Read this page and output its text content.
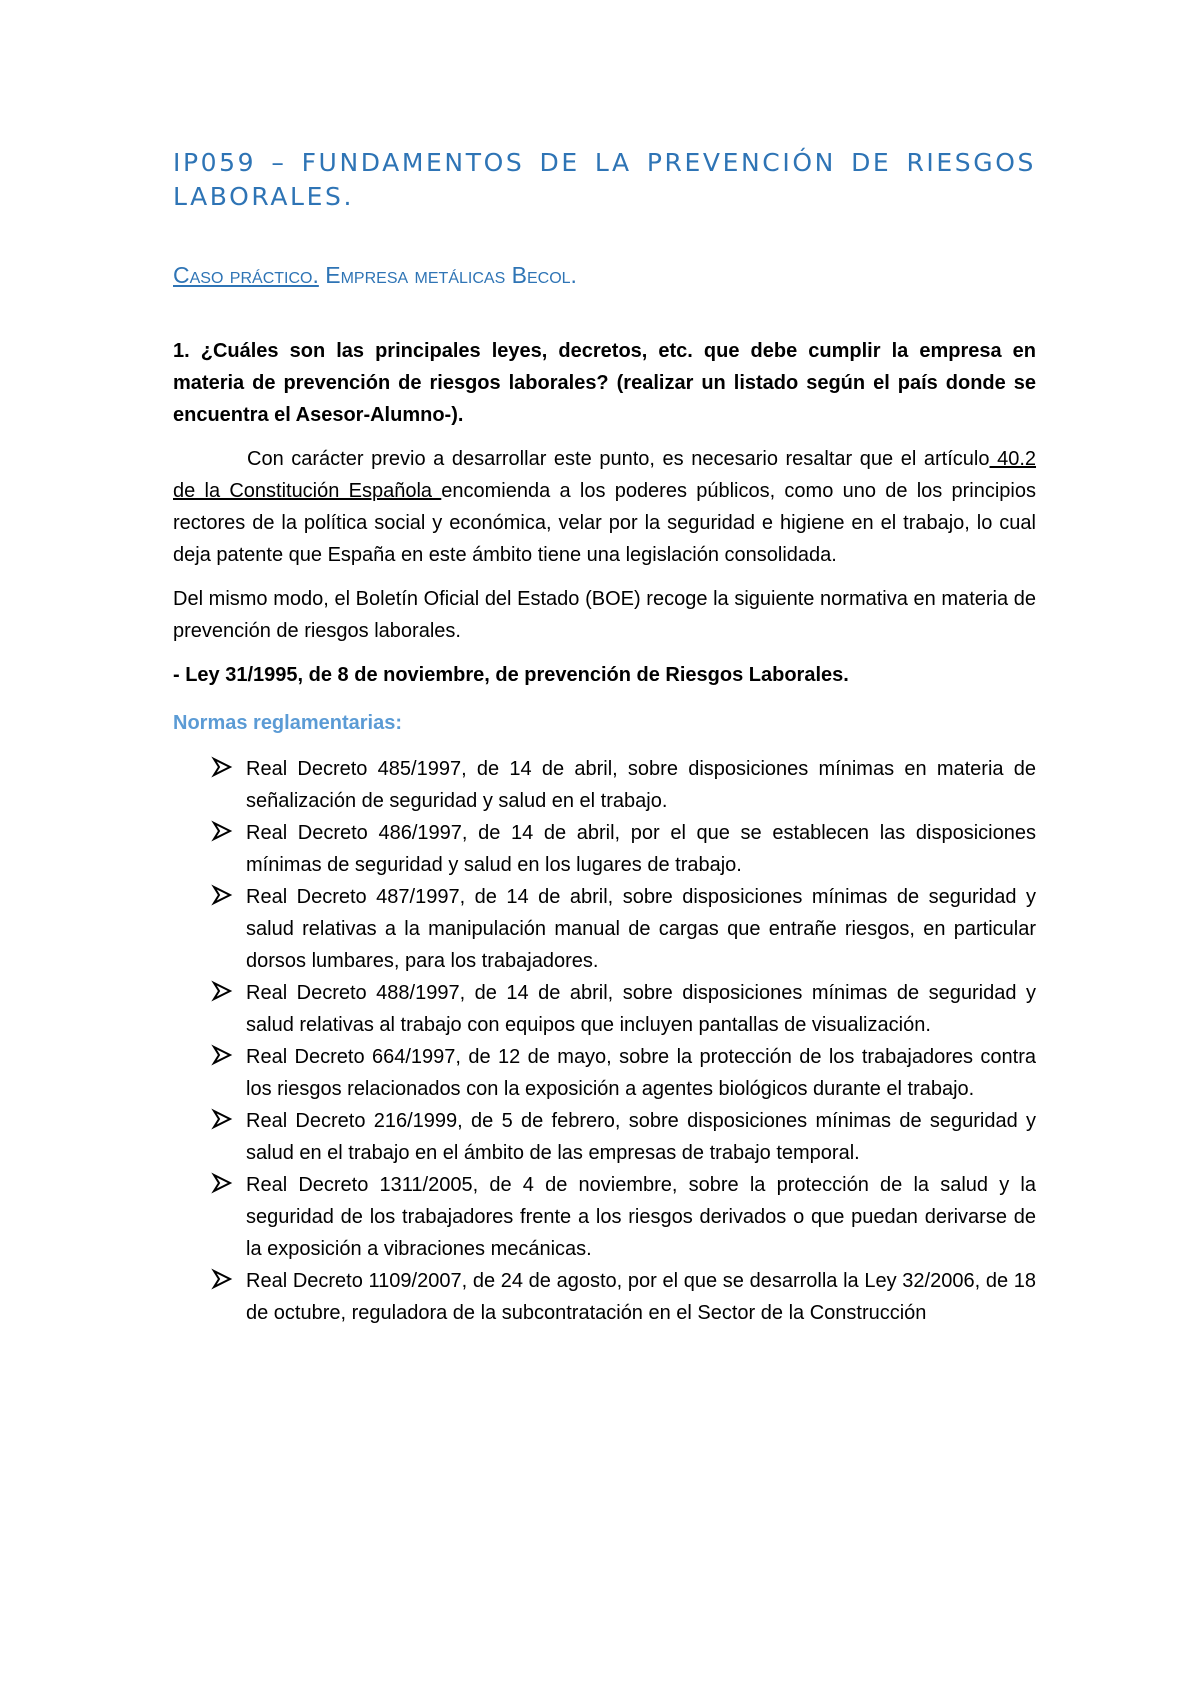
IP059 – FUNDAMENTOS DE LA PREVENCIÓN DE RIESGOS LABORALES.
Caso práctico. Empresa metálicas Becol.

1. ¿Cuáles son las principales leyes, decretos, etc. que debe cumplir la empresa en materia de prevención de riesgos laborales? (realizar un listado según el país donde se encuentra el Asesor-Alumno-).

Con carácter previo a desarrollar este punto, es necesario resaltar que el artículo 40.2 de la Constitución Española encomienda a los poderes públicos, como uno de los principios rectores de la política social y económica, velar por la seguridad e higiene en el trabajo, lo cual deja patente que España en este ámbito tiene una legislación consolidada.

Del mismo modo, el Boletín Oficial del Estado (BOE) recoge la siguiente normativa en materia de prevención de riesgos laborales.

- Ley 31/1995, de 8 de noviembre, de prevención de Riesgos Laborales.

Normas reglamentarias:

Real Decreto 485/1997, de 14 de abril, sobre disposiciones mínimas en materia de señalización de seguridad y salud en el trabajo.
Real Decreto 486/1997, de 14 de abril, por el que se establecen las disposiciones mínimas de seguridad y salud en los lugares de trabajo.
Real Decreto 487/1997, de 14 de abril, sobre disposiciones mínimas de seguridad y salud relativas a la manipulación manual de cargas que entrañe riesgos, en particular dorsos lumbares, para los trabajadores.
Real Decreto 488/1997, de 14 de abril, sobre disposiciones mínimas de seguridad y salud relativas al trabajo con equipos que incluyen pantallas de visualización.
Real Decreto 664/1997, de 12 de mayo, sobre la protección de los trabajadores contra los riesgos relacionados con la exposición a agentes biológicos durante el trabajo.
Real Decreto 216/1999, de 5 de febrero, sobre disposiciones mínimas de seguridad y salud en el trabajo en el ámbito de las empresas de trabajo temporal.
Real Decreto 1311/2005, de 4 de noviembre, sobre la protección de la salud y la seguridad de los trabajadores frente a los riesgos derivados o que puedan derivarse de la exposición a vibraciones mecánicas.
Real Decreto 1109/2007, de 24 de agosto, por el que se desarrolla la Ley 32/2006, de 18 de octubre, reguladora de la subcontratación en el Sector de la Construcción
